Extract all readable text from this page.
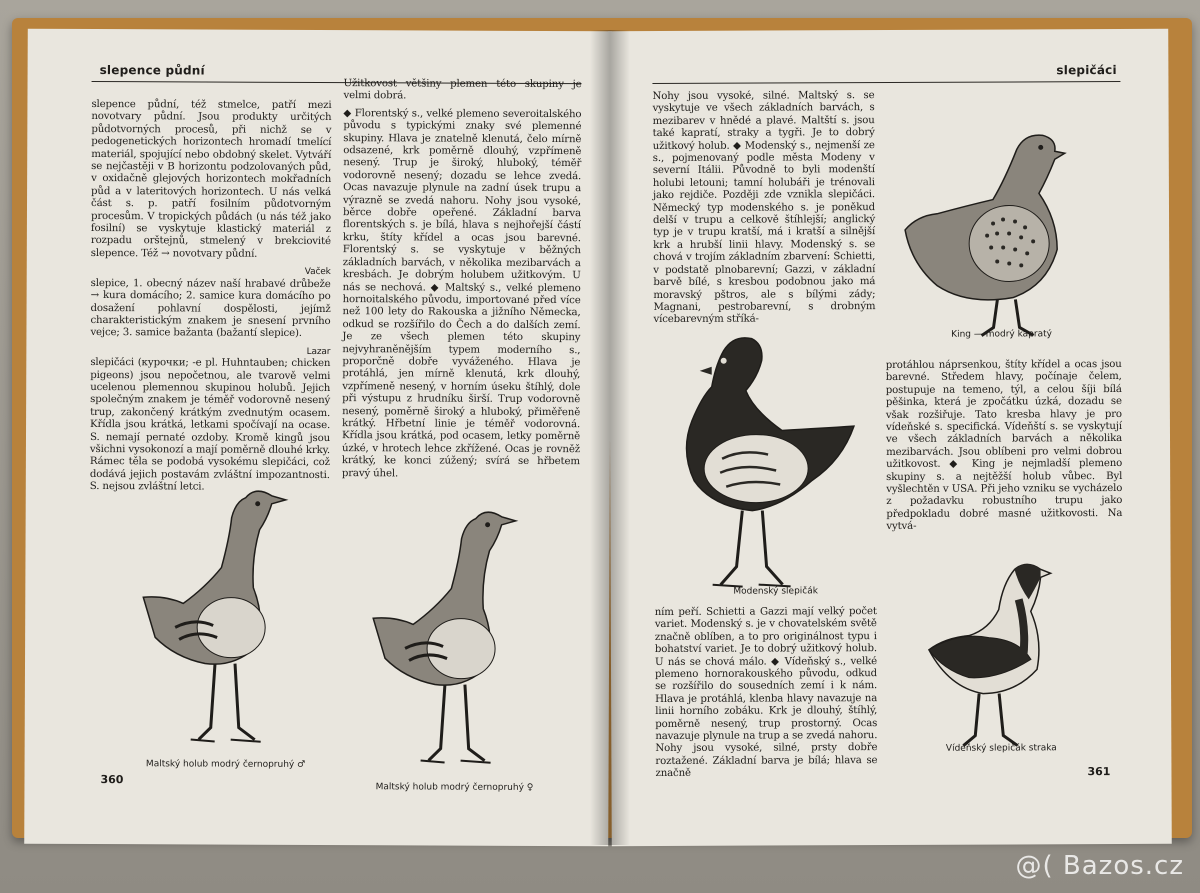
slepence půdní

slepence půdní, též stmelce, patří mezi novotvary půdní. Jsou produkty určitých půdotvorných procesů, při nichž se v pedogenetických horizontech hromadí tmelící materiál, spojující nebo obdobný skelet. Vytváří se nejčastěji v B horizontu podzolovaných půd, v oxidačně glejových horizontech mokřadních půd a v lateritových horizontech. U nás velká část s. p. patří fosilním půdotvorným procesům. V tropických půdách (u nás též jako fosilní) se vyskytuje klastický materiál z rozpadu orštejnů, stmelený v brekciovité slepence. Též → novotvary půdní.

Vaček

slepice, 1. obecný název naší hrabavé drůbeže → kura domácího; 2. samice kura domácího po dosažení pohlavní dospělosti, jejímž charakteristickým znakem je snesení prvního vejce; 3. samice bažanta (bažantí slepice).

Lazar

slepičáci (курочки; -e pl. Huhntauben; chicken pigeons) jsou nepočetnou, ale tvarově velmi ucelenou plemennou skupinou holubů. Jejich společným znakem je téměř vodorovně nesený trup, zakončený krátkým zvednutým ocasem. Křídla jsou krátká, letkami spočívají na ocase. S. nemají pernaté ozdoby. Kromě kingů jsou všichni vysokonozí a mají poměrně dlouhé krky. Rámec těla se podobá vysokému slepičáci, což dodává jejich postavám zvláštní impozantnosti. S. nejsou zvláštní letci.

Užitkovost většiny plemen této skupiny je velmi dobrá.

◆ Florentský s., velké plemeno severoitalského původu s typickými znaky své plemenné skupiny. Hlava je znatelně klenutá, čelo mírně odsazené, krk poměrně dlouhý, vzpřímeně nesený. Trup je široký, hluboký, téměř vodorovně nesený; dozadu se lehce zvedá. Ocas navazuje plynule na zadní úsek trupu a výrazně se zvedá nahoru. Nohy jsou vysoké, běrce dobře opeřené. Základní barva florentských s. je bílá, hlava s nejhořejší částí krku, štíty křídel a ocas jsou barevné. Florentský s. se vyskytuje v běžných základních barvách, v několika mezibarvách a kresbách. Je dobrým holubem užitkovým. U nás se nechová. ◆ Maltský s., velké plemeno hornoitalského původu, importované před více než 100 lety do Rakouska a jižního Německa, odkud se rozšířilo do Čech a do dalších zemí. Je ze všech plemen této skupiny nejvyhraněnějším typem moderního s., proporčně dobře vyváženého. Hlava je protáhlá, jen mírně klenutá, krk dlouhý, vzpřímeně nesený, v horním úseku štíhlý, dole při výstupu z hrudníku širší. Trup vodorovně nesený, poměrně široký a hluboký, přiměřeně krátký. Hřbetní linie je téměř vodorovná. Křídla jsou krátká, pod ocasem, letky poměrně úzké, v hrotech lehce zkřížené. Ocas je rovněž krátký, ke konci zúžený; svírá se hřbetem pravý úhel.

Maltský holub modrý černopruhý ♂
Maltský holub modrý černopruhý ♀
360
slepičáci

Nohy jsou vysoké, silné. Maltský s. se vyskytuje ve všech základních barvách, s mezibarev v hnědé a plavé. Maltští s. jsou také kapratí, straky a tygři. Je to dobrý užitkový holub. ◆ Modenský s., nejmenší ze s., pojmenovaný podle města Modeny v severní Itálii. Původně to byli modenští holubi letouni; tamní holubáři je trénovali jako rejdiče. Později zde vznikla slepičáci. Německý typ modenského s. je poněkud delší v trupu a celkově štíhlejší; anglický typ je v trupu kratší, má i kratší a silnější krk a hrubší linii hlavy. Modenský s. se chová v trojím základním zbarvení: Schietti, v podstatě plnobarevní; Gazzi, v základní barvě bílé, s kresbou podobnou jako má moravský pštros, ale s bílými zády; Magnani, pestrobarevní, s drobným vícebarevným stříká-

Modenský slepičák

ním peří. Schietti a Gazzi mají velký počet variet. Modenský s. je v chovatelském světě značně oblíben, a to pro originálnost typu i bohatství variet. Je to dobrý užitkový holub. U nás se chová málo. ◆ Vídeňský s., velké plemeno hornorakouského původu, odkud se rozšířilo do sousedních zemí i k nám. Hlava je protáhlá, klenba hlavy navazuje na linii horního zobáku. Krk je dlouhý, štíhlý, poměrně nesený, trup prostorný. Ocas navazuje plynule na trup a se zvedá nahoru. Nohy jsou vysoké, silné, prsty dobře roztažené. Základní barva je bílá; hlava se značně

King — modrý kapratý

protáhlou náprsenkou, štíty křídel a ocas jsou barevné. Středem hlavy, počínaje čelem, postupuje na temeno, týl, a celou šíji bílá pěšinka, která je zpočátku úzká, dozadu se však rozšiřuje. Tato kresba hlavy je pro vídeňské s. specifická. Vídeňští s. se vyskytují ve všech základních barvách a několika mezibarvách. Jsou oblíbeni pro velmi dobrou užitkovost. ◆ King je nejmladší plemeno skupiny s. a nejtěžší holub vůbec. Byl vyšlechtěn v USA. Při jeho vzniku se vycházelo z požadavku robustního trupu jako předpokladu dobré masné užitkovosti. Na vytvá-

Vídeňský slepičák straka
361
@( Bazos.cz
